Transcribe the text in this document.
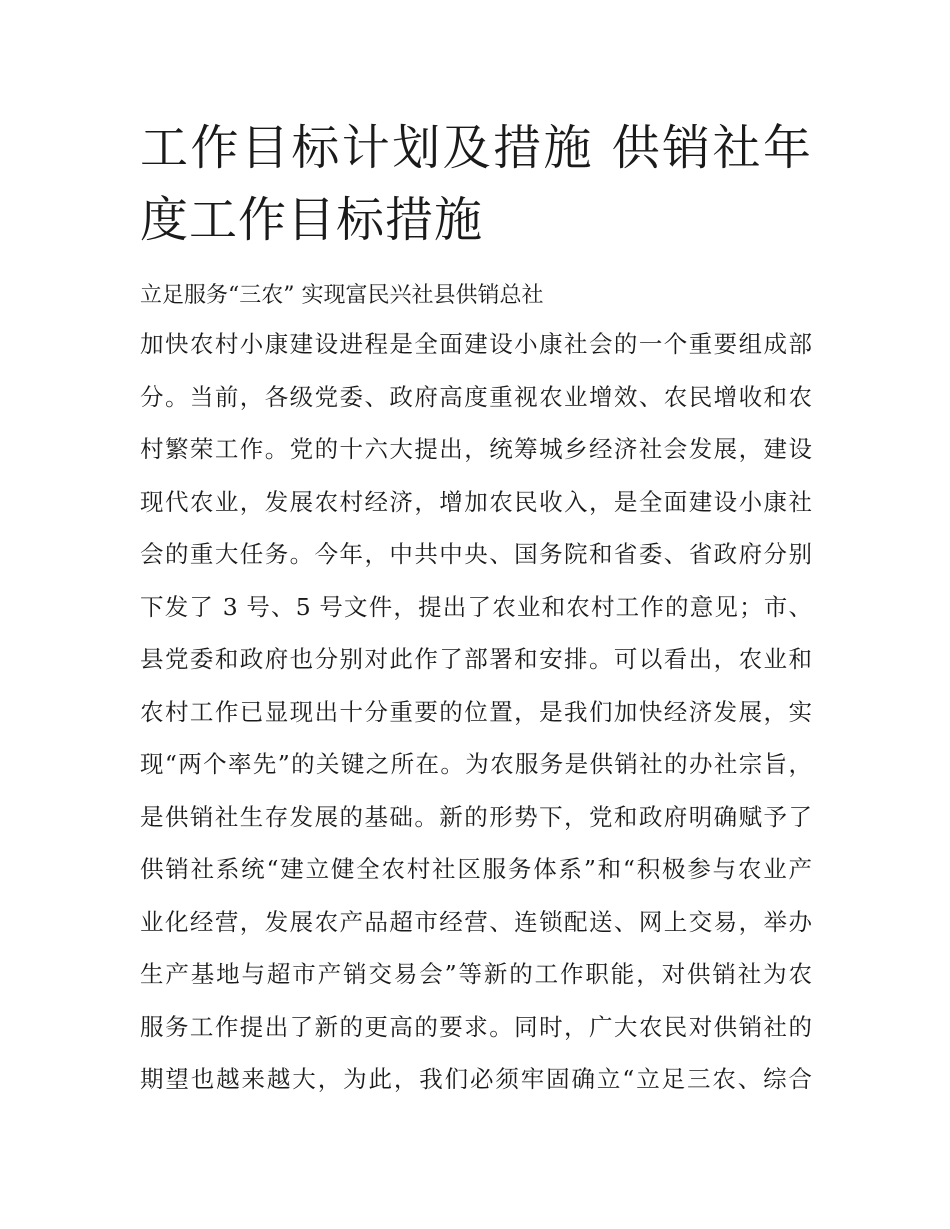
工作目标计划及措施 供销社年
度工作目标措施

立足服务“三农” 实现富民兴社县供销总社

加快农村小康建设进程是全面建设小康社会的一个重要组成部
分。当前，各级党委、政府高度重视农业增效、农民增收和农
村繁荣工作。党的十六大提出，统筹城乡经济社会发展，建设
现代农业，发展农村经济，增加农民收入，是全面建设小康社
会的重大任务。今年，中共中央、国务院和省委、省政府分别
下发了 3 号、5 号文件，提出了农业和农村工作的意见；市、
县党委和政府也分别对此作了部署和安排。可以看出，农业和
农村工作已显现出十分重要的位置，是我们加快经济发展，实
现“两个率先”的关键之所在。为农服务是供销社的办社宗旨，
是供销社生存发展的基础。新的形势下，党和政府明确赋予了
供销社系统“建立健全农村社区服务体系”和“积极参与农业产
业化经营，发展农产品超市经营、连锁配送、网上交易，举办
生产基地与超市产销交易会”等新的工作职能，对供销社为农
服务工作提出了新的更高的要求。同时，广大农民对供销社的
期望也越来越大，为此，我们必须牢固确立“立足三农、综合
